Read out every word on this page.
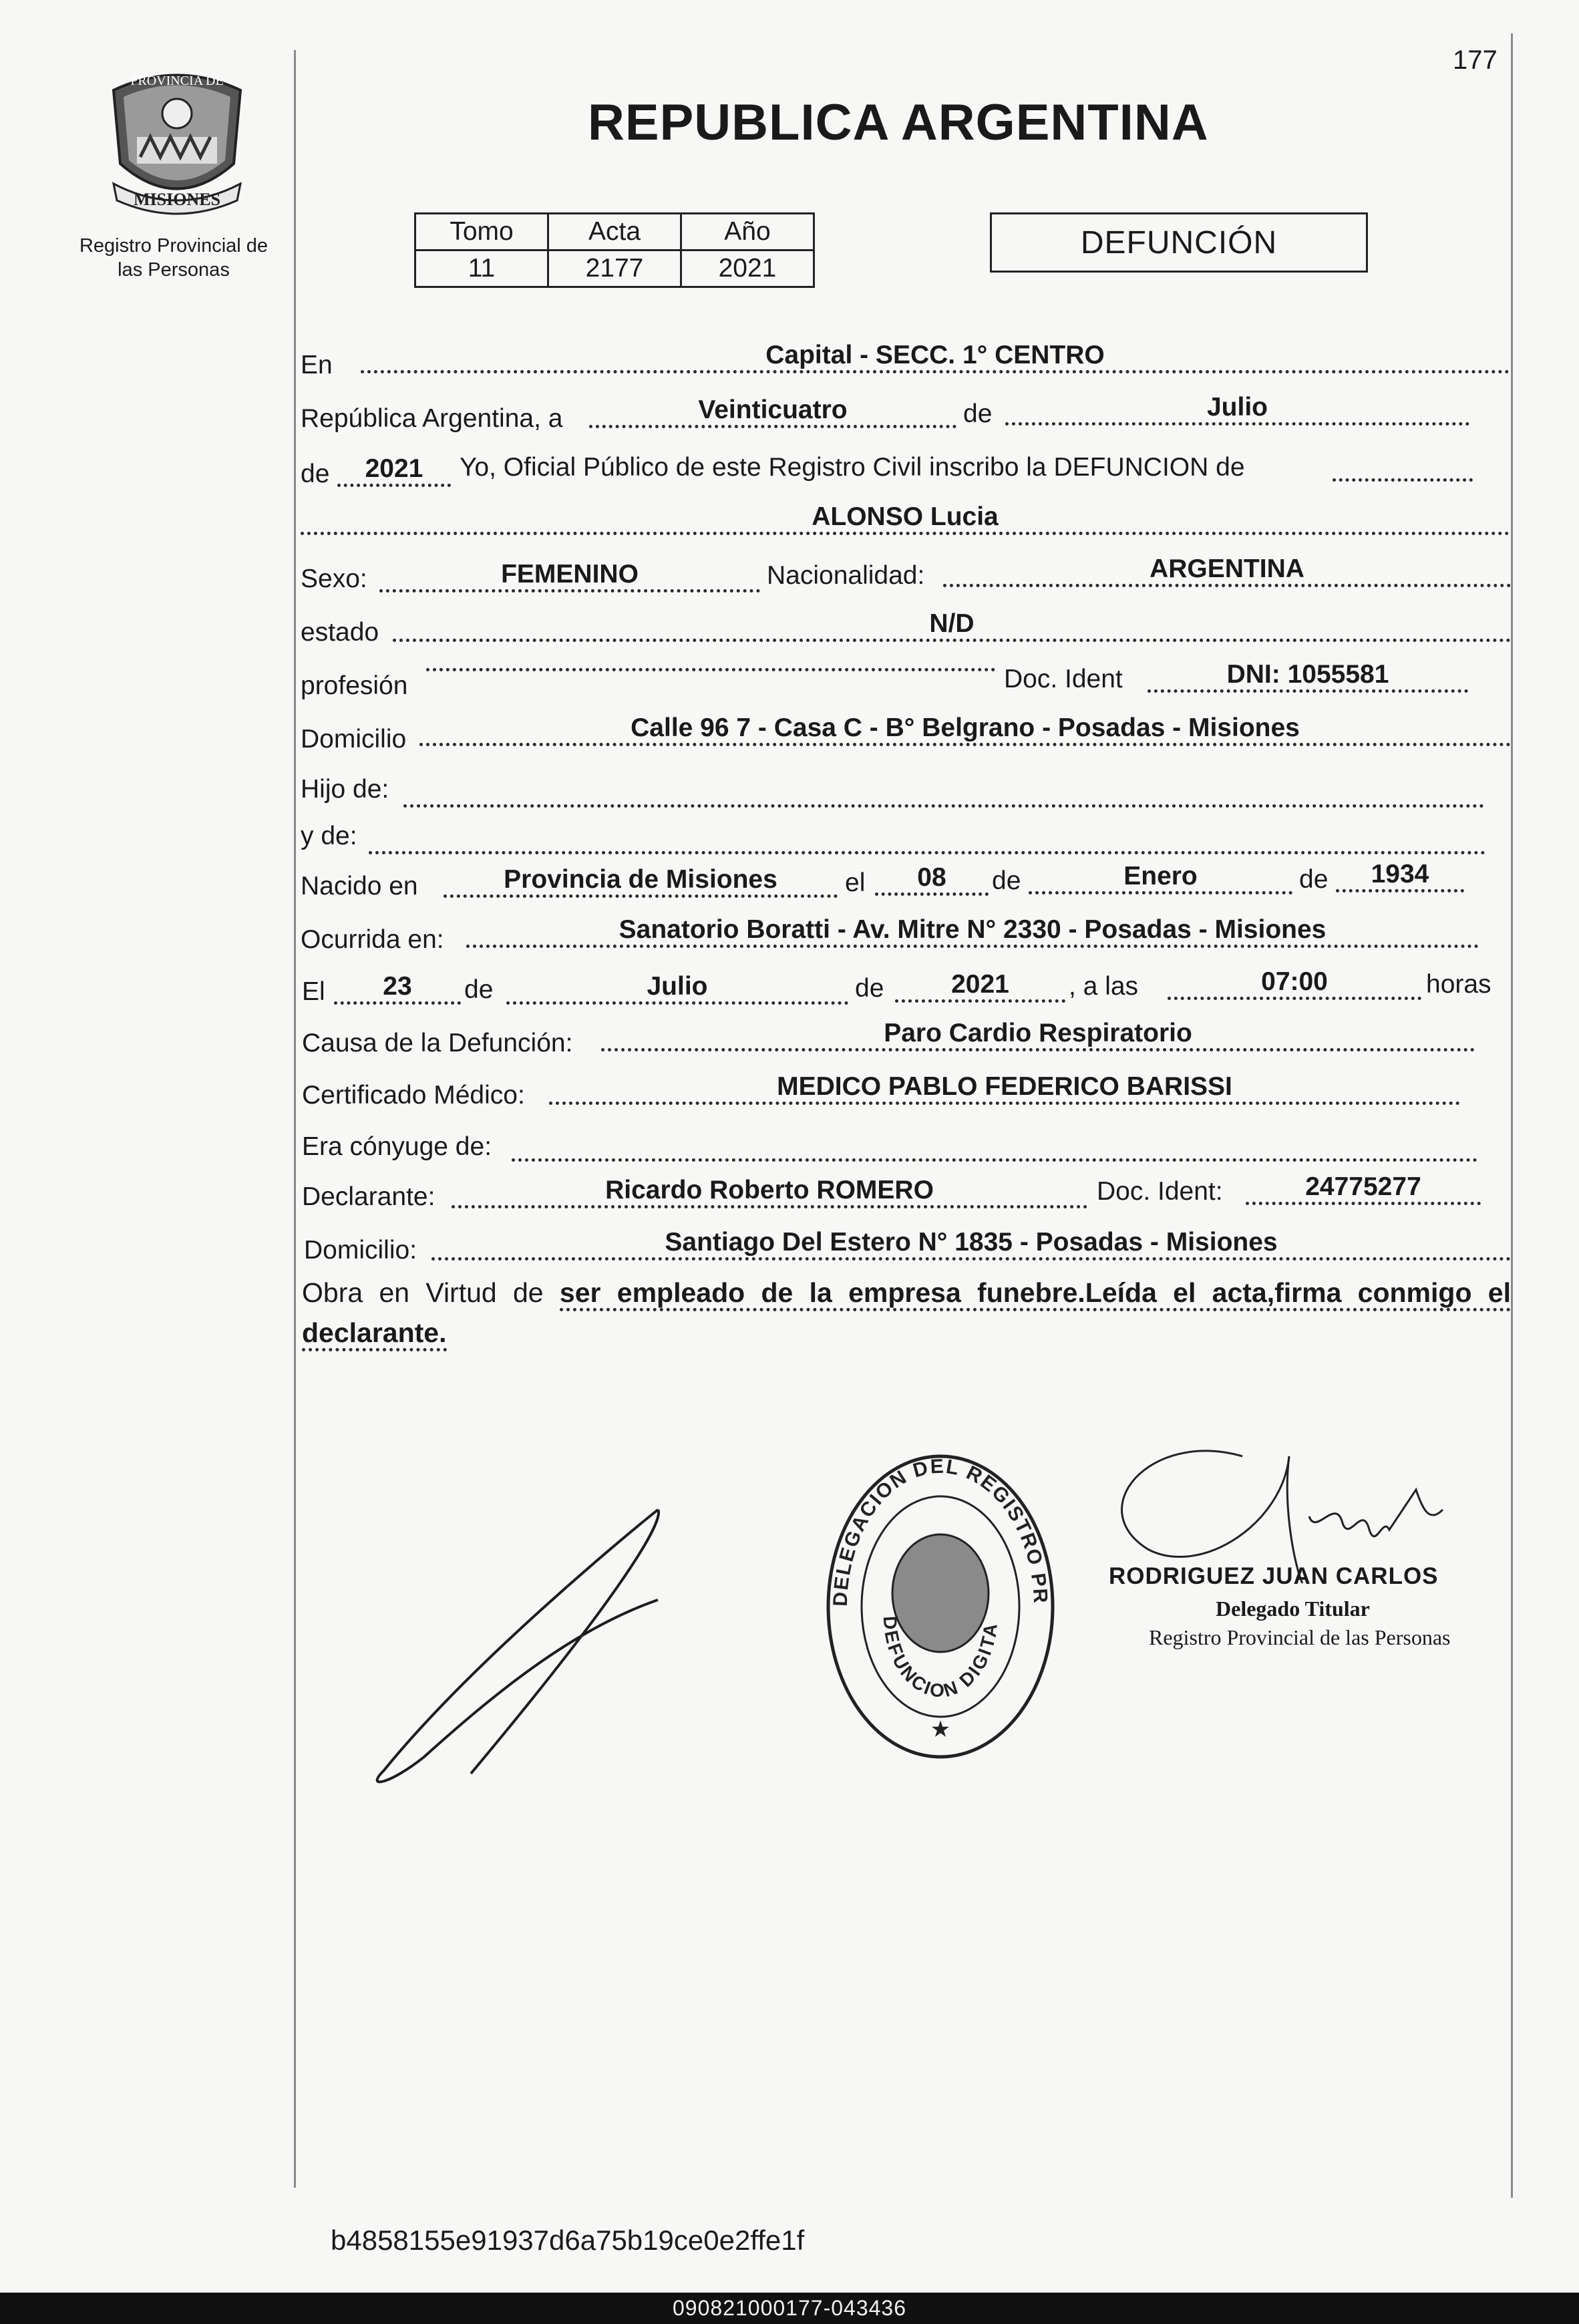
177
PROVINCIA DE
MISIONES
Registro Provincial de
las Personas
REPUBLICA ARGENTINA
Tomo	Acta	Año
11	2177	2021
DEFUNCIÓN
En	Capital - SECC. 1° CENTRO
República Argentina, a	Veinticuatro	de	Julio
de	2021	Yo, Oficial Público de este Registro Civil inscribo la DEFUNCION de
ALONSO Lucia
Sexo:	FEMENINO	Nacionalidad:	ARGENTINA
estado	N/D
profesión	Doc. Ident	DNI: 1055581
Domicilio	Calle 96 7 - Casa C - B° Belgrano - Posadas - Misiones
Hijo de:
y de:
Nacido en	Provincia de Misiones	el	08	de	Enero	de	1934
Ocurrida en:	Sanatorio Boratti - Av. Mitre N° 2330 - Posadas - Misiones
El	23	de	Julio	de	2021	, a las	07:00	horas
Causa de la Defunción:	Paro Cardio Respiratorio
Certificado Médico:	MEDICO PABLO FEDERICO BARISSI
Era cónyuge de:
Declarante:	Ricardo Roberto ROMERO	Doc. Ident:	24775277
Domicilio:	Santiago Del Estero N° 1835 - Posadas - Misiones
Obra en Virtud de ser empleado de la empresa funebre.Leída el acta,firma conmigo el declarante.
DELEGACION DEL REGISTRO PR
DEFUNCION DIGITA
★
RODRIGUEZ JUAN CARLOS
Delegado Titular
Registro Provincial de las Personas
b4858155e91937d6a75b19ce0e2ffe1f
090821000177-043436
